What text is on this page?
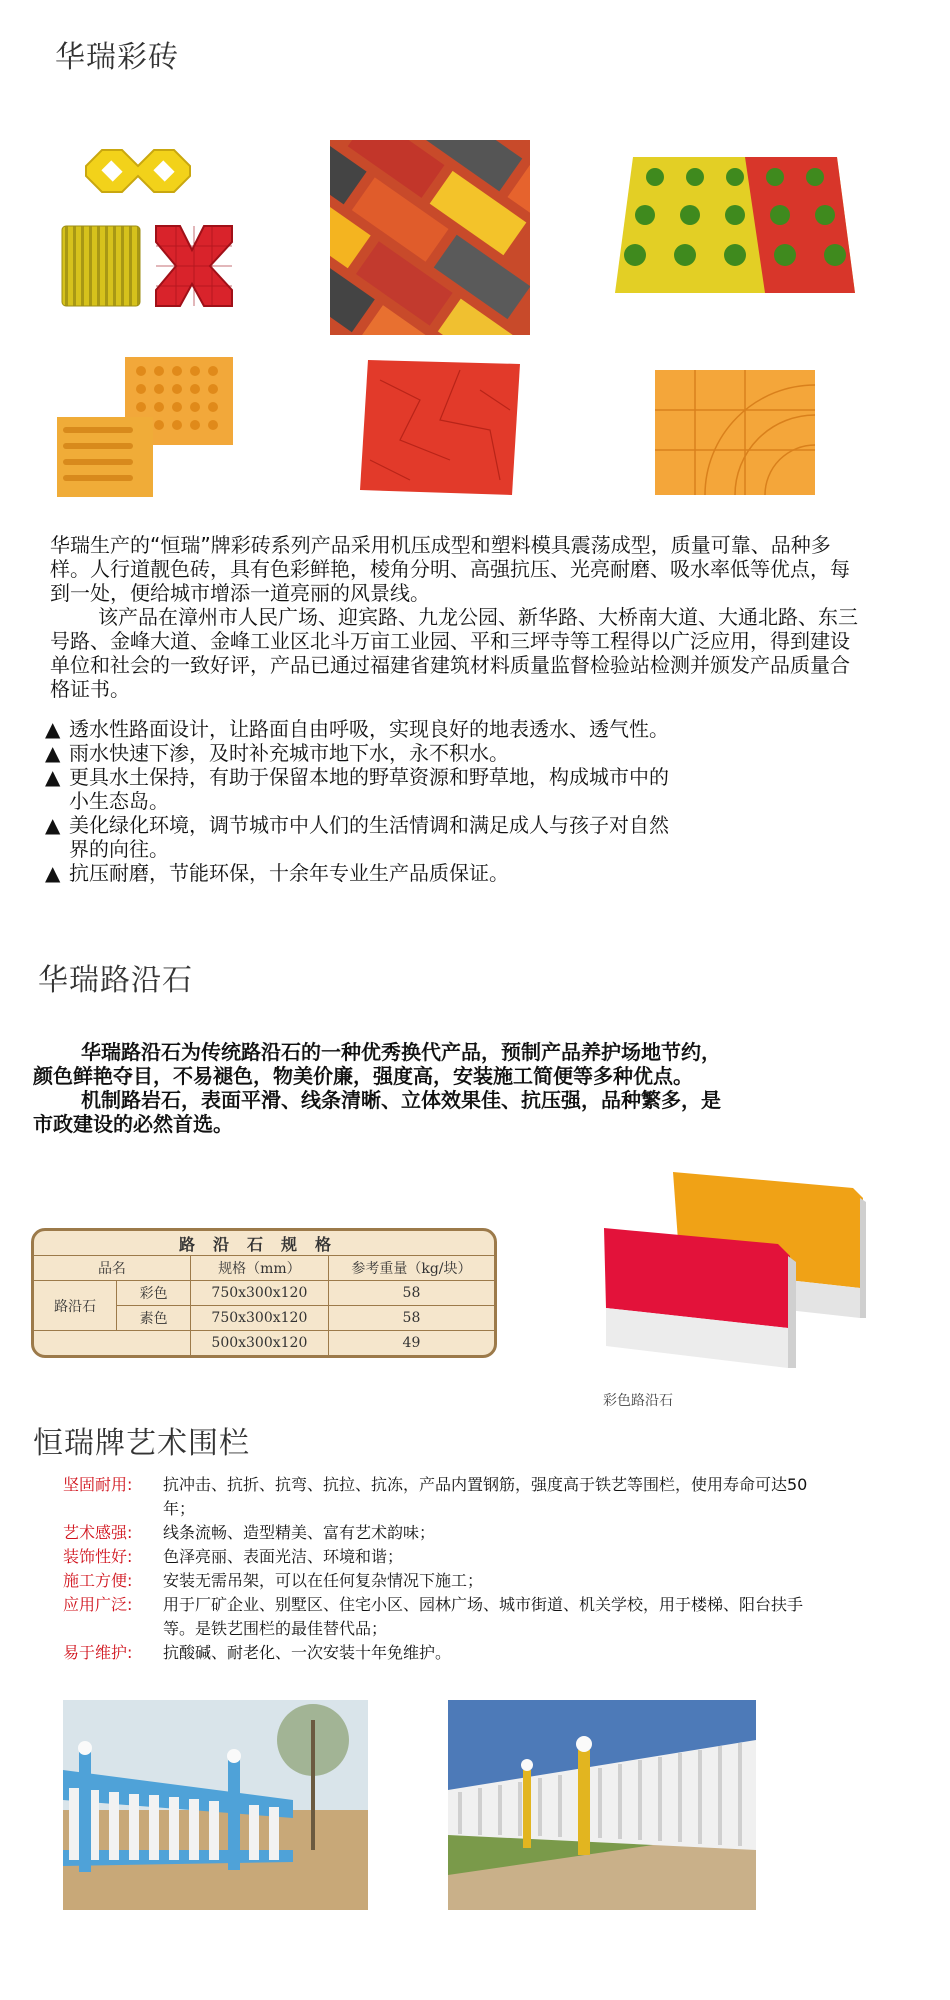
华瑞彩砖

华瑞生产的“恒瑞”牌彩砖系列产品采用机压成型和塑料模具震荡成型，质量可靠、品种多样。人行道靓色砖，具有色彩鲜艳，棱角分明、高强抗压、光亮耐磨、吸水率低等优点，每到一处，便给城市增添一道亮丽的风景线。

该产品在漳州市人民广场、迎宾路、九龙公园、新华路、大桥南大道、大通北路、东三号路、金峰大道、金峰工业区北斗万亩工业园、平和三坪寺等工程得以广泛应用，得到建设单位和社会的一致好评，产品已通过福建省建筑材料质量监督检验站检测并颁发产品质量合格证书。

▲ 透水性路面设计，让路面自由呼吸，实现良好的地表透水、透气性。

▲ 雨水快速下渗，及时补充城市地下水，永不积水。

▲ 更具水土保持，有助于保留本地的野草资源和野草地，构成城市中的小生态岛。

▲ 美化绿化环境，调节城市中人们的生活情调和满足成人与孩子对自然界的向往。

▲ 抗压耐磨，节能环保，十余年专业生产品质保证。

华瑞路沿石

华瑞路沿石为传统路沿石的一种优秀换代产品，预制产品养护场地节约，颜色鲜艳夺目，不易褪色，物美价廉，强度高，安装施工简便等多种优点。

机制路岩石，表面平滑、线条清晰、立体效果佳、抗压强，品种繁多，是市政建设的必然首选。

路沿石规格			
品名		规格（mm）	参考重量（kg/块）
路沿石	彩色	750x300x120	58
	素色	750x300x120	58
		500x300x120	49
彩色路沿石
恒瑞牌艺术围栏

坚固耐用: 抗冲击、抗折、抗弯、抗拉、抗冻，产品内置钢筋，强度高于铁艺等围栏，使用寿命可达50年；

艺术感强: 线条流畅、造型精美、富有艺术韵味；

装饰性好: 色泽亮丽、表面光洁、环境和谐；

施工方便: 安装无需吊架，可以在任何复杂情况下施工；

应用广泛: 用于厂矿企业、别墅区、住宅小区、园林广场、城市街道、机关学校，用于楼梯、阳台扶手等。是铁艺围栏的最佳替代品；

易于维护: 抗酸碱、耐老化、一次安装十年免维护。
